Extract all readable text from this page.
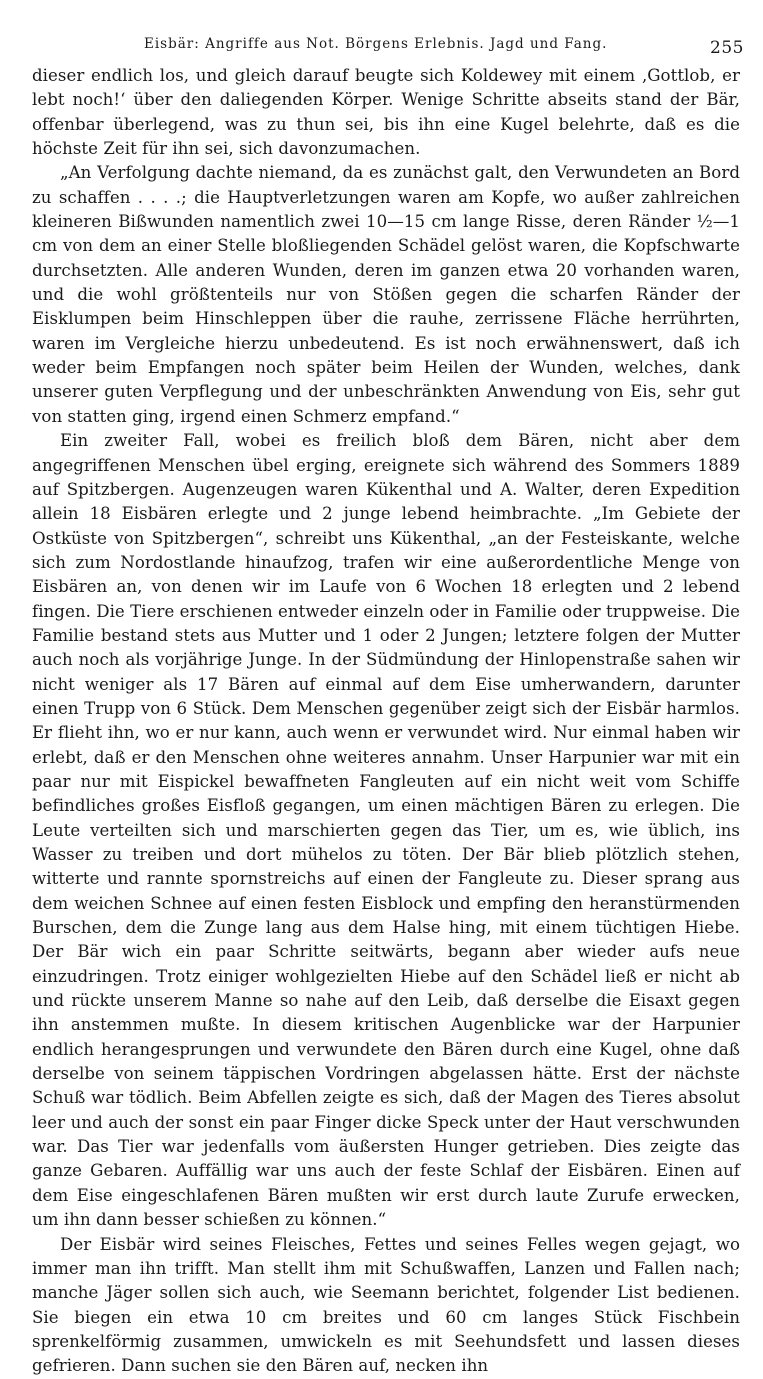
Eisbär: Angriffe aus Not. Börgens Erlebnis. Jagd und Fang.	255

dieser endlich los, und gleich darauf beugte sich Koldewey mit einem ‚Gottlob, er lebt noch!‘ über den daliegenden Körper. Wenige Schritte abseits stand der Bär, offenbar überlegend, was zu thun sei, bis ihn eine Kugel belehrte, daß es die höchste Zeit für ihn sei, sich davonzumachen.

„An Verfolgung dachte niemand, da es zunächst galt, den Verwundeten an Bord zu schaffen . . . .; die Hauptverletzungen waren am Kopfe, wo außer zahlreichen kleineren Bißwunden namentlich zwei 10—15 cm lange Risse, deren Ränder ½—1 cm von dem an einer Stelle bloßliegenden Schädel gelöst waren, die Kopfschwarte durchsetzten. Alle anderen Wunden, deren im ganzen etwa 20 vorhanden waren, und die wohl größtenteils nur von Stößen gegen die scharfen Ränder der Eisklumpen beim Hinschleppen über die rauhe, zerrissene Fläche herrührten, waren im Vergleiche hierzu unbedeutend. Es ist noch erwähnenswert, daß ich weder beim Empfangen noch später beim Heilen der Wunden, welches, dank unserer guten Verpflegung und der unbeschränkten Anwendung von Eis, sehr gut von statten ging, irgend einen Schmerz empfand.“

Ein zweiter Fall, wobei es freilich bloß dem Bären, nicht aber dem angegriffenen Menschen übel erging, ereignete sich während des Sommers 1889 auf Spitzbergen. Augenzeugen waren Kükenthal und A. Walter, deren Expedition allein 18 Eisbären erlegte und 2 junge lebend heimbrachte. „Im Gebiete der Ostküste von Spitzbergen“, schreibt uns Kükenthal, „an der Festeiskante, welche sich zum Nordostlande hinaufzog, trafen wir eine außerordentliche Menge von Eisbären an, von denen wir im Laufe von 6 Wochen 18 erlegten und 2 lebend fingen. Die Tiere erschienen entweder einzeln oder in Familie oder truppweise. Die Familie bestand stets aus Mutter und 1 oder 2 Jungen; letztere folgen der Mutter auch noch als vorjährige Junge. In der Südmündung der Hinlopenstraße sahen wir nicht weniger als 17 Bären auf einmal auf dem Eise umherwandern, darunter einen Trupp von 6 Stück. Dem Menschen gegenüber zeigt sich der Eisbär harmlos. Er flieht ihn, wo er nur kann, auch wenn er verwundet wird. Nur einmal haben wir erlebt, daß er den Menschen ohne weiteres annahm. Unser Harpunier war mit ein paar nur mit Eispickel bewaffneten Fangleuten auf ein nicht weit vom Schiffe befindliches großes Eisfloß gegangen, um einen mächtigen Bären zu erlegen. Die Leute verteilten sich und marschierten gegen das Tier, um es, wie üblich, ins Wasser zu treiben und dort mühelos zu töten. Der Bär blieb plötzlich stehen, witterte und rannte spornstreichs auf einen der Fangleute zu. Dieser sprang aus dem weichen Schnee auf einen festen Eisblock und empfing den heranstürmenden Burschen, dem die Zunge lang aus dem Halse hing, mit einem tüchtigen Hiebe. Der Bär wich ein paar Schritte seitwärts, begann aber wieder aufs neue einzudringen. Trotz einiger wohlgezielten Hiebe auf den Schädel ließ er nicht ab und rückte unserem Manne so nahe auf den Leib, daß derselbe die Eisaxt gegen ihn anstemmen mußte. In diesem kritischen Augenblicke war der Harpunier endlich herangesprungen und verwundete den Bären durch eine Kugel, ohne daß derselbe von seinem täppischen Vordringen abgelassen hätte. Erst der nächste Schuß war tödlich. Beim Abfellen zeigte es sich, daß der Magen des Tieres absolut leer und auch der sonst ein paar Finger dicke Speck unter der Haut verschwunden war. Das Tier war jedenfalls vom äußersten Hunger getrieben. Dies zeigte das ganze Gebaren. Auffällig war uns auch der feste Schlaf der Eisbären. Einen auf dem Eise eingeschlafenen Bären mußten wir erst durch laute Zurufe erwecken, um ihn dann besser schießen zu können.“

Der Eisbär wird seines Fleisches, Fettes und seines Felles wegen gejagt, wo immer man ihn trifft. Man stellt ihm mit Schußwaffen, Lanzen und Fallen nach; manche Jäger sollen sich auch, wie Seemann berichtet, folgender List bedienen. Sie biegen ein etwa 10 cm breites und 60 cm langes Stück Fischbein sprenkelförmig zusammen, umwickeln es mit Seehundsfett und lassen dieses gefrieren. Dann suchen sie den Bären auf, necken ihn
